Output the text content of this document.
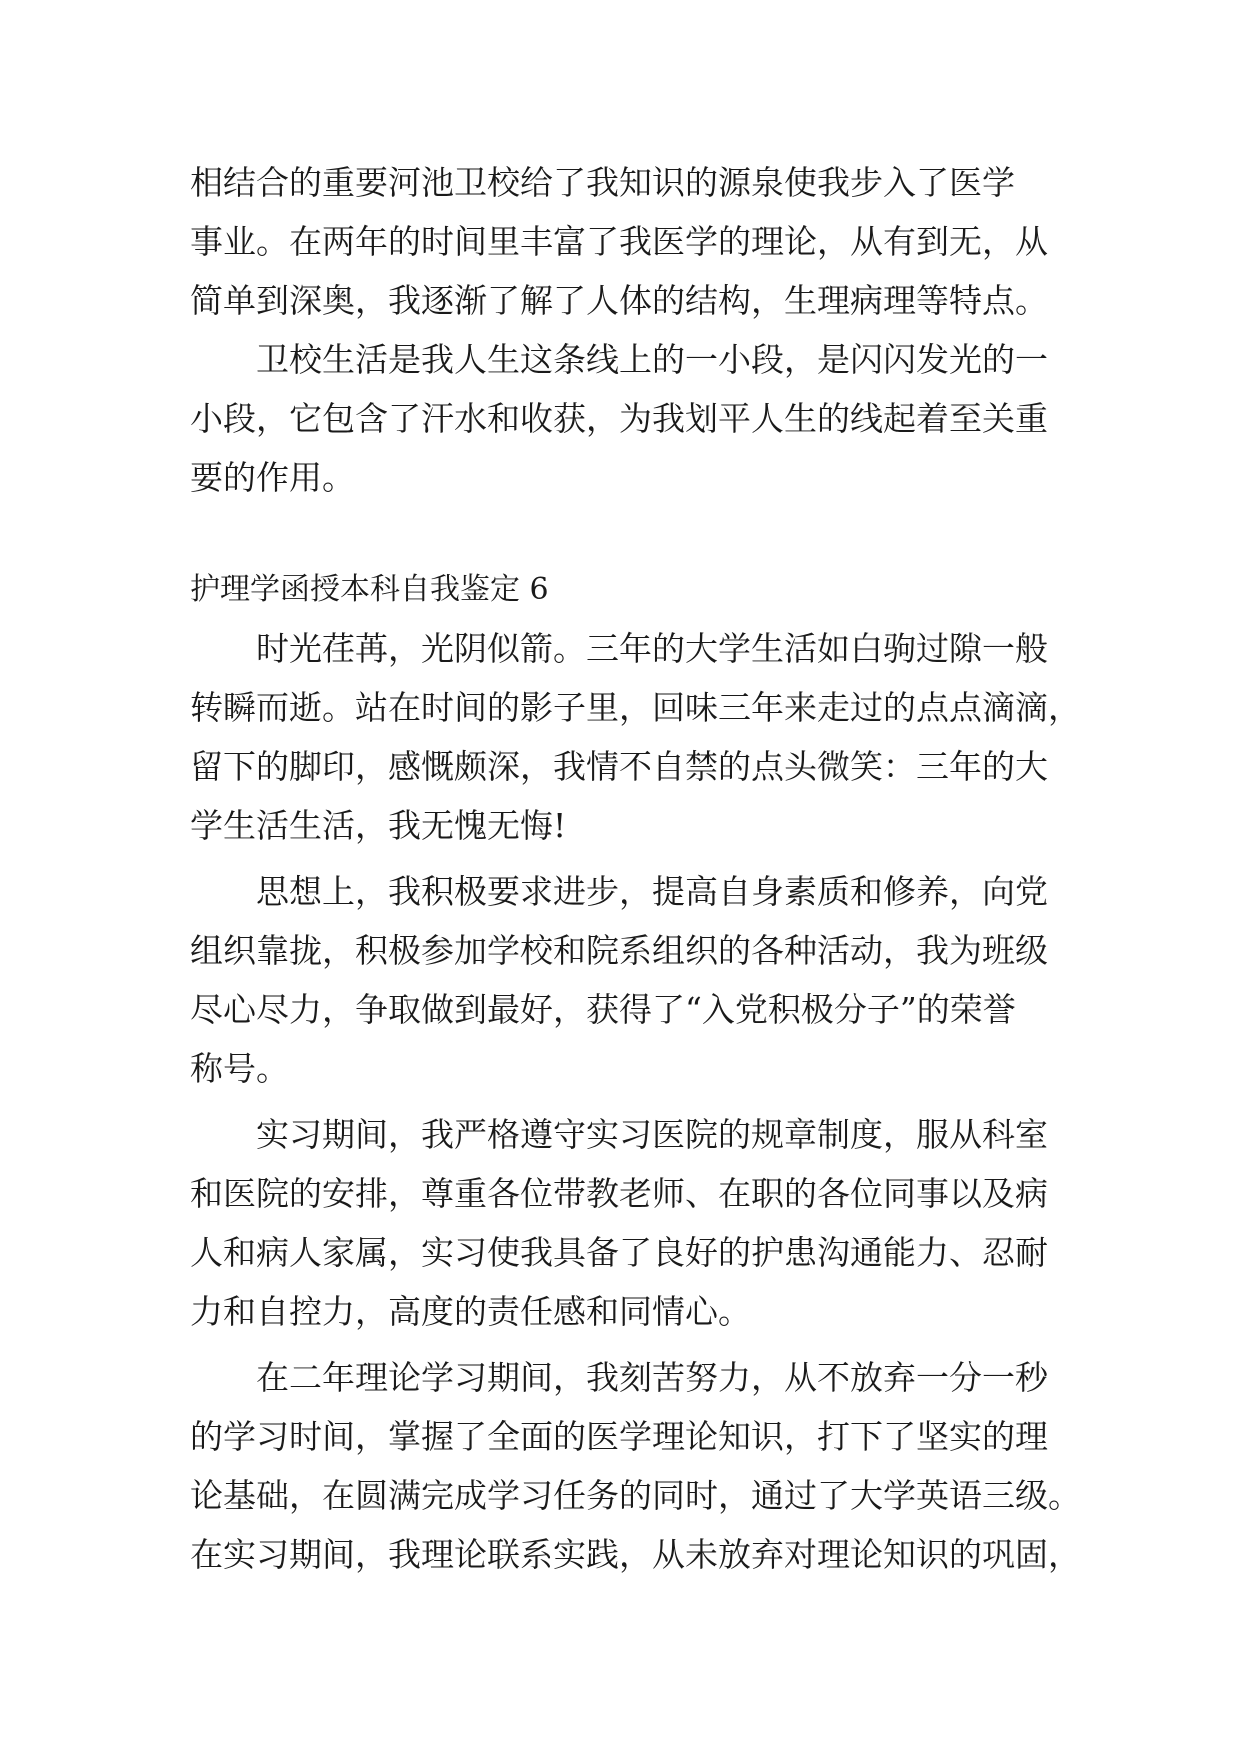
相结合的重要河池卫校给了我知识的源泉使我步入了医学

事业。在两年的时间里丰富了我医学的理论，从有到无，从

简单到深奥，我逐渐了解了人体的结构，生理病理等特点。

卫校生活是我人生这条线上的一小段，是闪闪发光的一

小段，它包含了汗水和收获，为我划平人生的线起着至关重

要的作用。

护理学函授本科自我鉴定 6

时光荏苒，光阴似箭。三年的大学生活如白驹过隙一般

转瞬而逝。站在时间的影子里，回味三年来走过的点点滴滴，

留下的脚印，感慨颇深，我情不自禁的点头微笑：三年的大

学生活生活，我无愧无悔!

思想上，我积极要求进步，提高自身素质和修养，向党

组织靠拢，积极参加学校和院系组织的各种活动，我为班级

尽心尽力，争取做到最好，获得了“入党积极分子”的荣誉

称号。

实习期间，我严格遵守实习医院的规章制度，服从科室

和医院的安排，尊重各位带教老师、在职的各位同事以及病

人和病人家属，实习使我具备了良好的护患沟通能力、忍耐

力和自控力，高度的责任感和同情心。

在二年理论学习期间，我刻苦努力，从不放弃一分一秒

的学习时间，掌握了全面的医学理论知识，打下了坚实的理

论基础，在圆满完成学习任务的同时，通过了大学英语三级。

在实习期间，我理论联系实践，从未放弃对理论知识的巩固，
